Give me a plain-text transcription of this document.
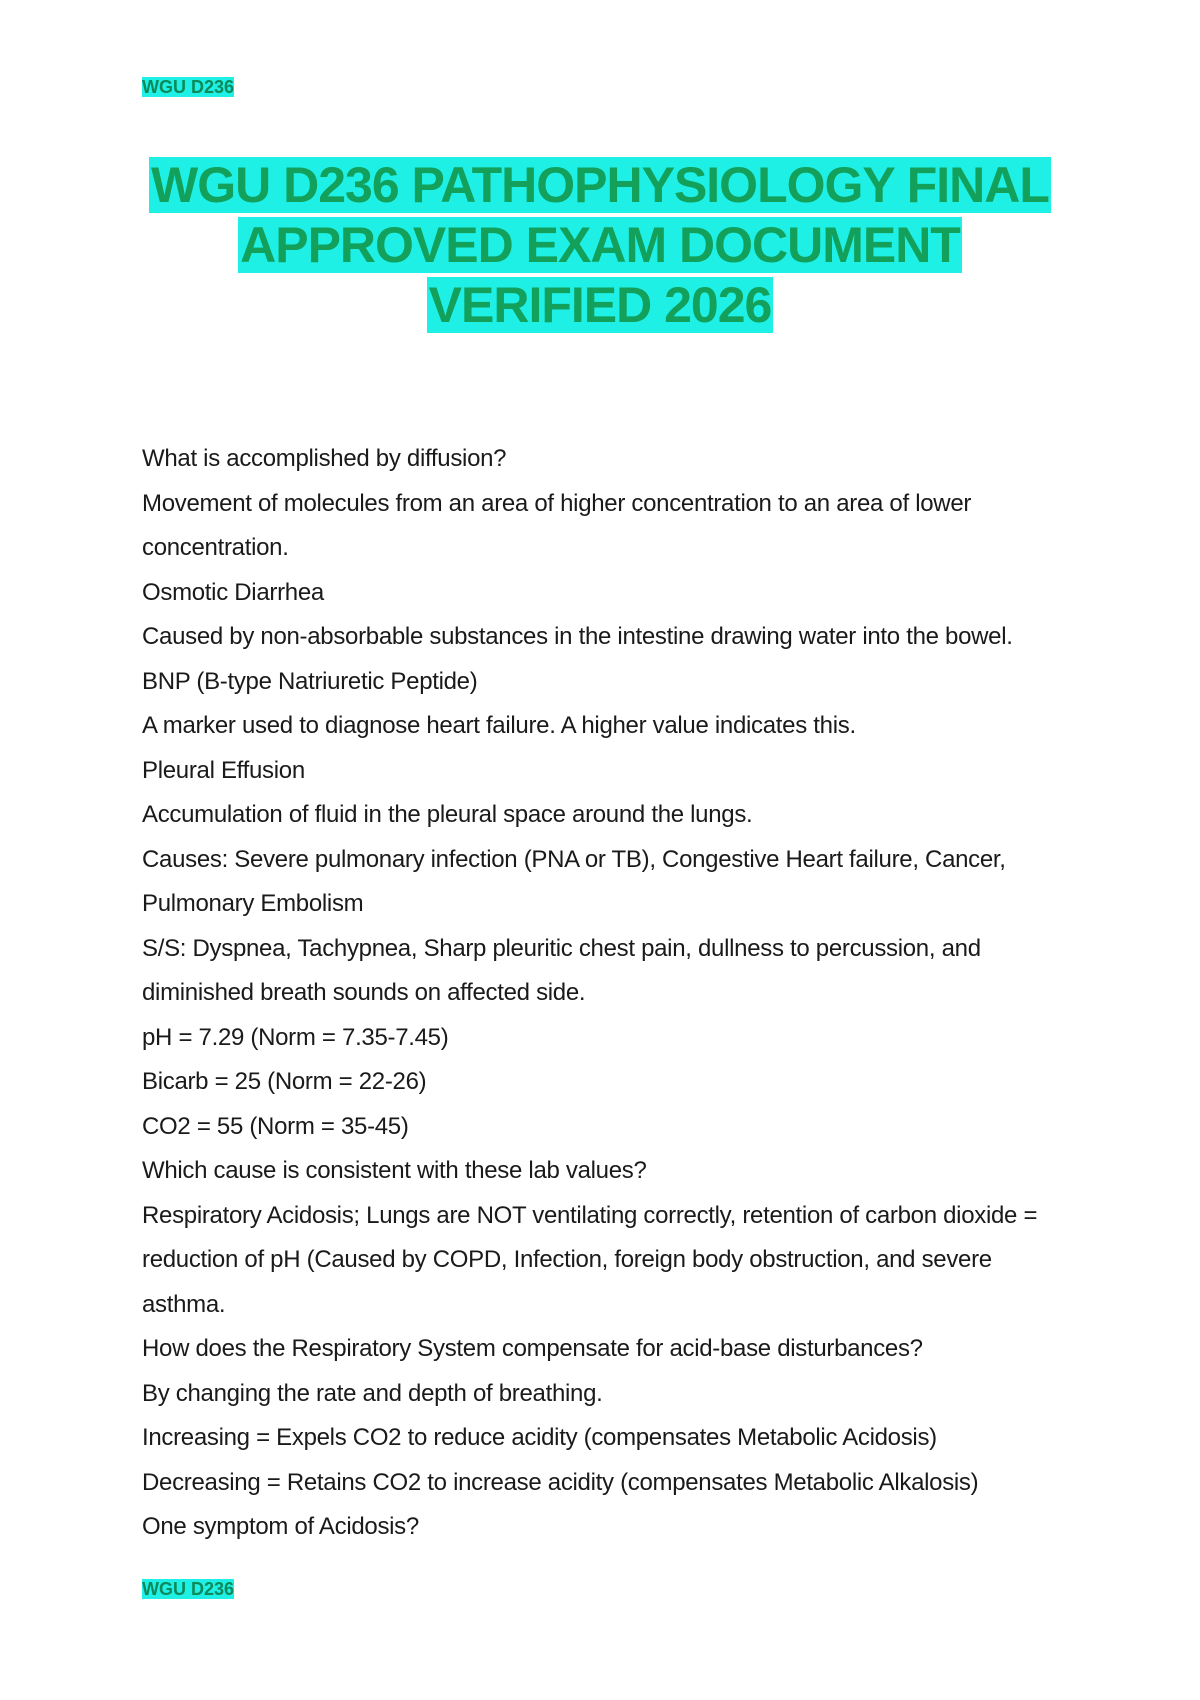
WGU D236
WGU D236 PATHOPHYSIOLOGY FINAL
APPROVED EXAM DOCUMENT
VERIFIED 2026
What is accomplished by diffusion?
Movement of molecules from an area of higher concentration to an area of lower
concentration.
Osmotic Diarrhea
Caused by non-absorbable substances in the intestine drawing water into the bowel.
BNP (B-type Natriuretic Peptide)
A marker used to diagnose heart failure. A higher value indicates this.
Pleural Effusion
Accumulation of fluid in the pleural space around the lungs.
Causes: Severe pulmonary infection (PNA or TB), Congestive Heart failure, Cancer,
Pulmonary Embolism
S/S: Dyspnea, Tachypnea, Sharp pleuritic chest pain, dullness to percussion, and
diminished breath sounds on affected side.
pH = 7.29 (Norm = 7.35-7.45)
Bicarb = 25 (Norm = 22-26)
CO2 = 55 (Norm = 35-45)
Which cause is consistent with these lab values?
Respiratory Acidosis; Lungs are NOT ventilating correctly, retention of carbon dioxide =
reduction of pH (Caused by COPD, Infection, foreign body obstruction, and severe
asthma.
How does the Respiratory System compensate for acid-base disturbances?
By changing the rate and depth of breathing.
Increasing = Expels CO2 to reduce acidity (compensates Metabolic Acidosis)
Decreasing = Retains CO2 to increase acidity (compensates Metabolic Alkalosis)
One symptom of Acidosis?
WGU D236
